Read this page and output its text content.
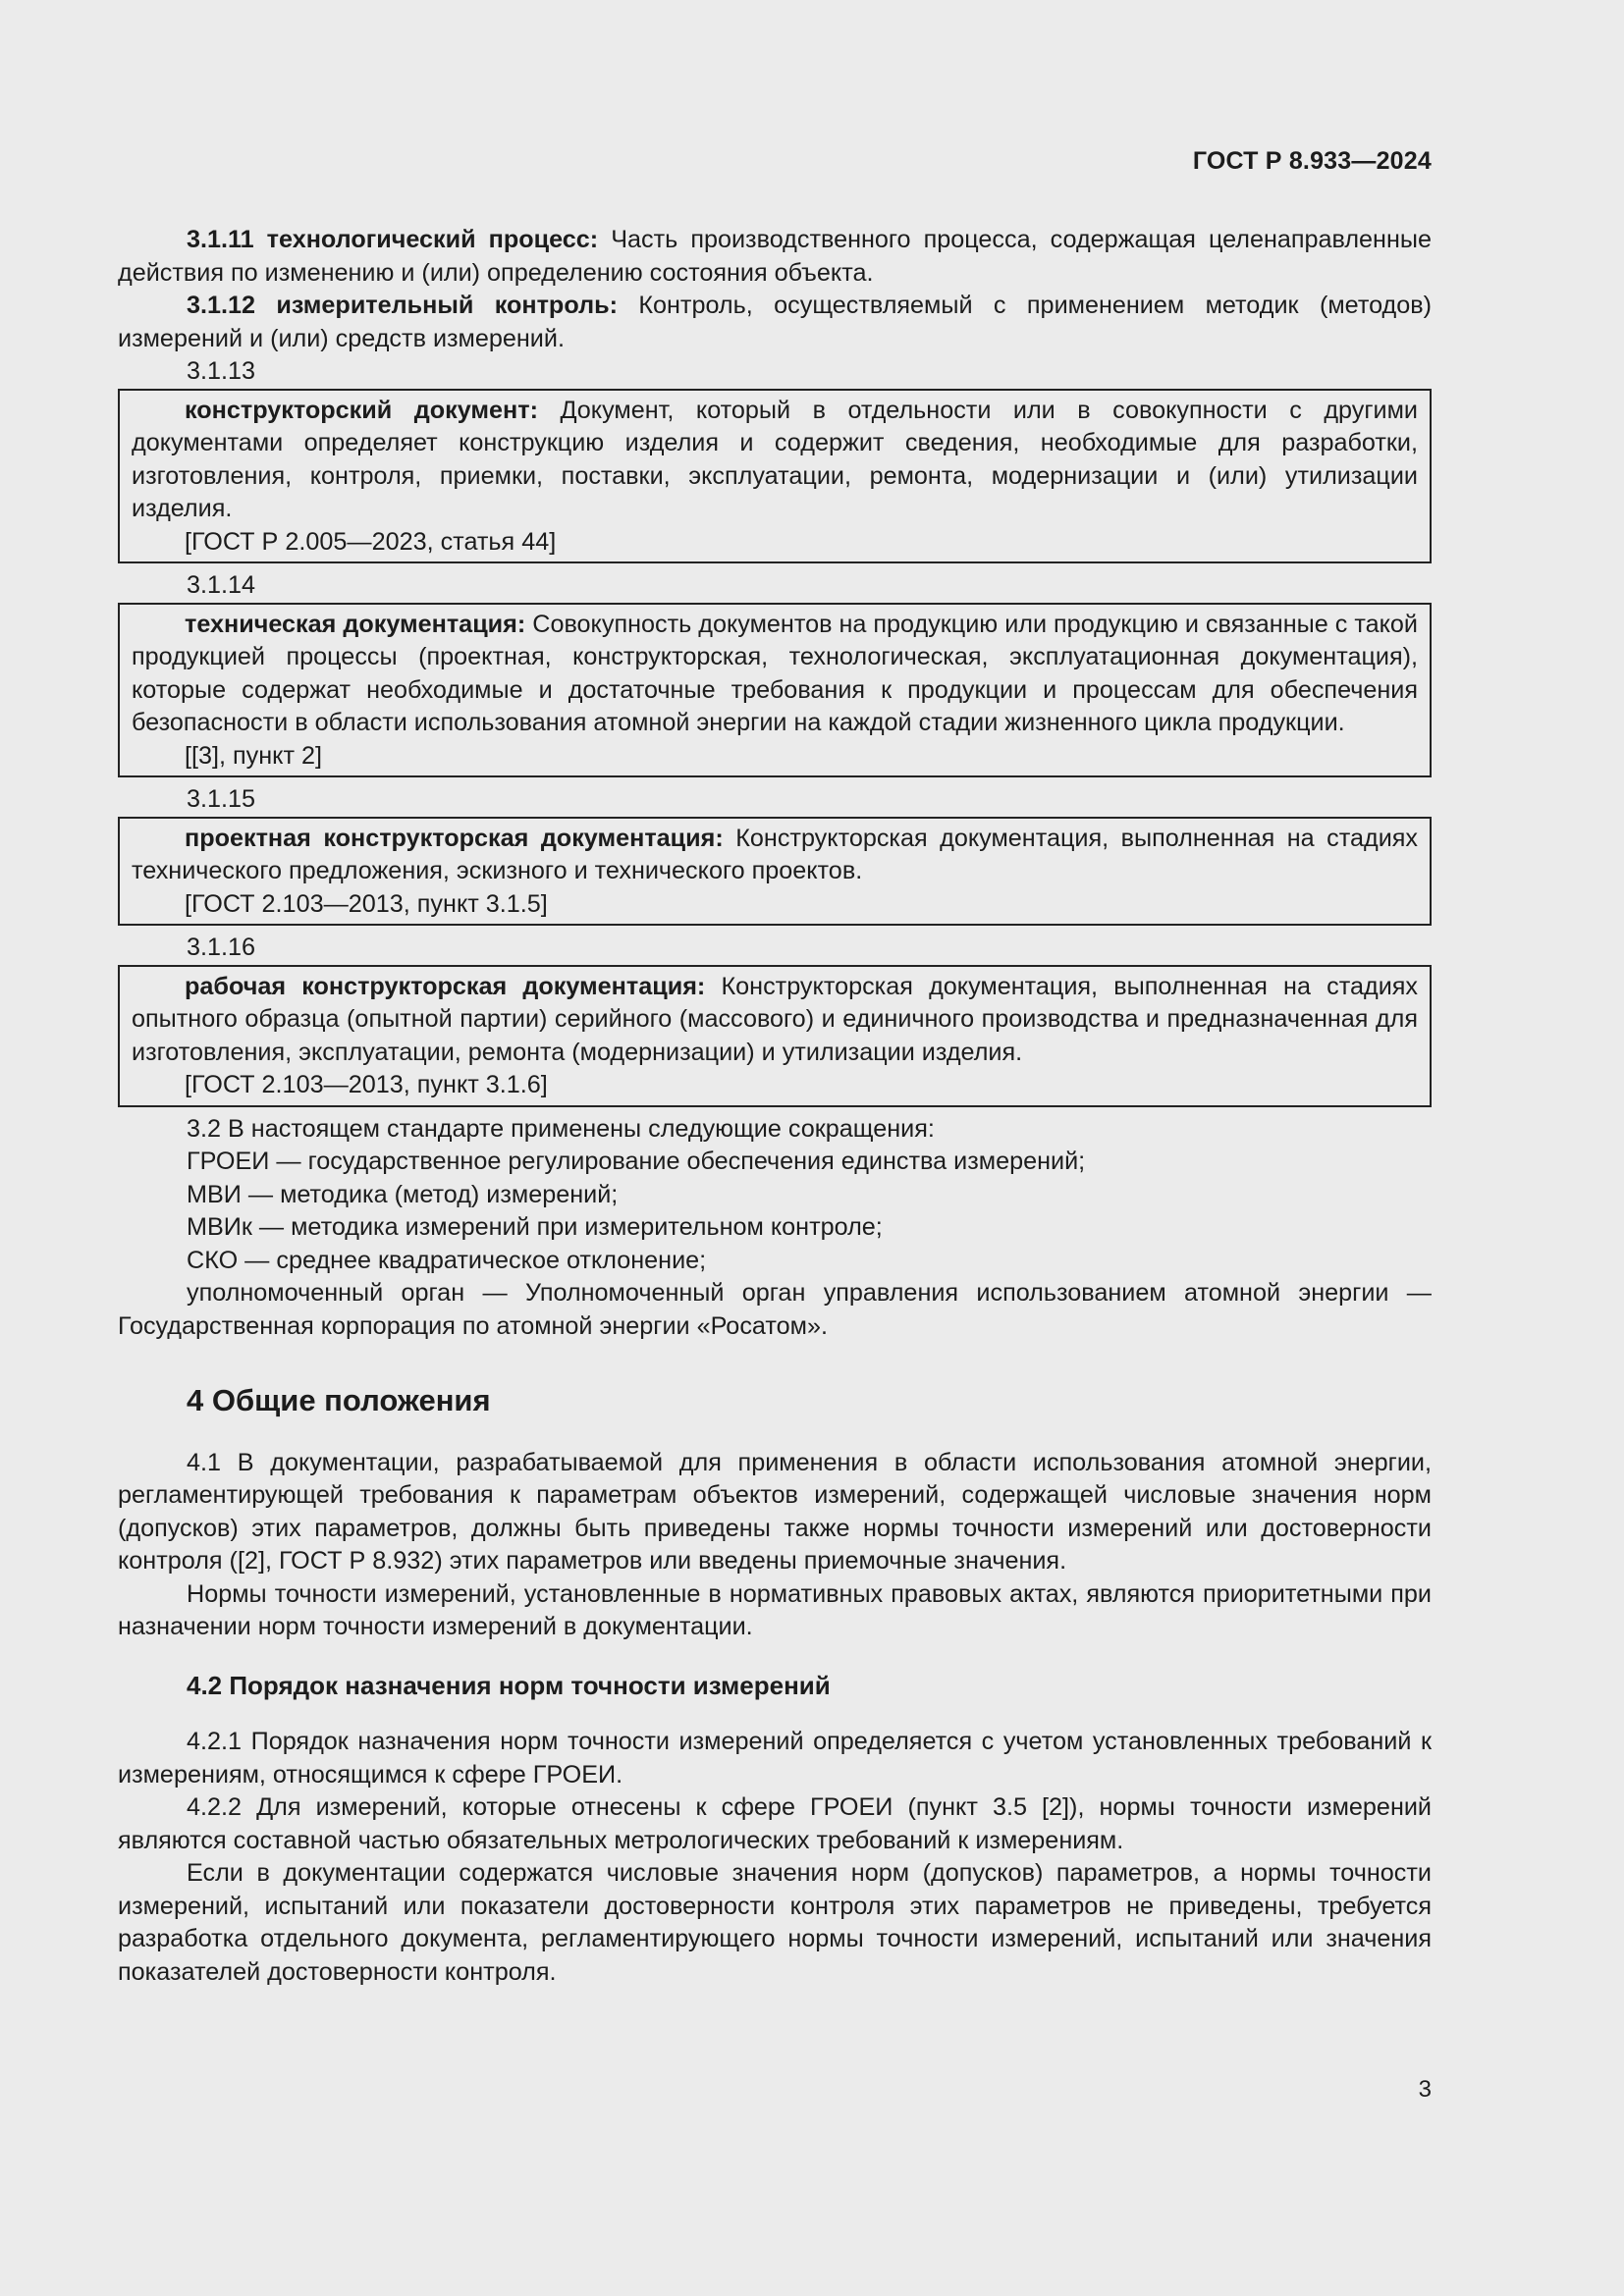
ГОСТ Р 8.933—2024

3.1.11 технологический процесс: Часть производственного процесса, содержащая целенаправленные действия по изменению и (или) определению состояния объекта.

3.1.12 измерительный контроль: Контроль, осуществляемый с применением методик (методов) измерений и (или) средств измерений.

3.1.13

конструкторский документ: Документ, который в отдельности или в совокупности с другими документами определяет конструкцию изделия и содержит сведения, необходимые для разработки, изготовления, контроля, приемки, поставки, эксплуатации, ремонта, модернизации и (или) утилизации изделия.

[ГОСТ Р 2.005—2023, статья 44]

3.1.14

техническая документация: Совокупность документов на продукцию или продукцию и связанные с такой продукцией процессы (проектная, конструкторская, технологическая, эксплуатационная документация), которые содержат необходимые и достаточные требования к продукции и процессам для обеспечения безопасности в области использования атомной энергии на каждой стадии жизненного цикла продукции.

[[3], пункт 2]

3.1.15

проектная конструкторская документация: Конструкторская документация, выполненная на стадиях технического предложения, эскизного и технического проектов.

[ГОСТ 2.103—2013, пункт 3.1.5]

3.1.16

рабочая конструкторская документация: Конструкторская документация, выполненная на стадиях опытного образца (опытной партии) серийного (массового) и единичного производства и предназначенная для изготовления, эксплуатации, ремонта (модернизации) и утилизации изделия.

[ГОСТ 2.103—2013, пункт 3.1.6]

3.2 В настоящем стандарте применены следующие сокращения:

ГРОЕИ — государственное регулирование обеспечения единства измерений;

МВИ — методика (метод) измерений;

МВИк — методика измерений при измерительном контроле;

СКО — среднее квадратическое отклонение;

уполномоченный орган — Уполномоченный орган управления использованием атомной энергии — Государственная корпорация по атомной энергии «Росатом».

4 Общие положения

4.1 В документации, разрабатываемой для применения в области использования атомной энергии, регламентирующей требования к параметрам объектов измерений, содержащей числовые значения норм (допусков) этих параметров, должны быть приведены также нормы точности измерений или достоверности контроля ([2], ГОСТ Р 8.932) этих параметров или введены приемочные значения.

Нормы точности измерений, установленные в нормативных правовых актах, являются приоритетными при назначении норм точности измерений в документации.

4.2 Порядок назначения норм точности измерений

4.2.1 Порядок назначения норм точности измерений определяется с учетом установленных требований к измерениям, относящимся к сфере ГРОЕИ.

4.2.2 Для измерений, которые отнесены к сфере ГРОЕИ (пункт 3.5 [2]), нормы точности измерений являются составной частью обязательных метрологических требований к измерениям.

Если в документации содержатся числовые значения норм (допусков) параметров, а нормы точности измерений, испытаний или показатели достоверности контроля этих параметров не приведены, требуется разработка отдельного документа, регламентирующего нормы точности измерений, испытаний или значения показателей достоверности контроля.

3
